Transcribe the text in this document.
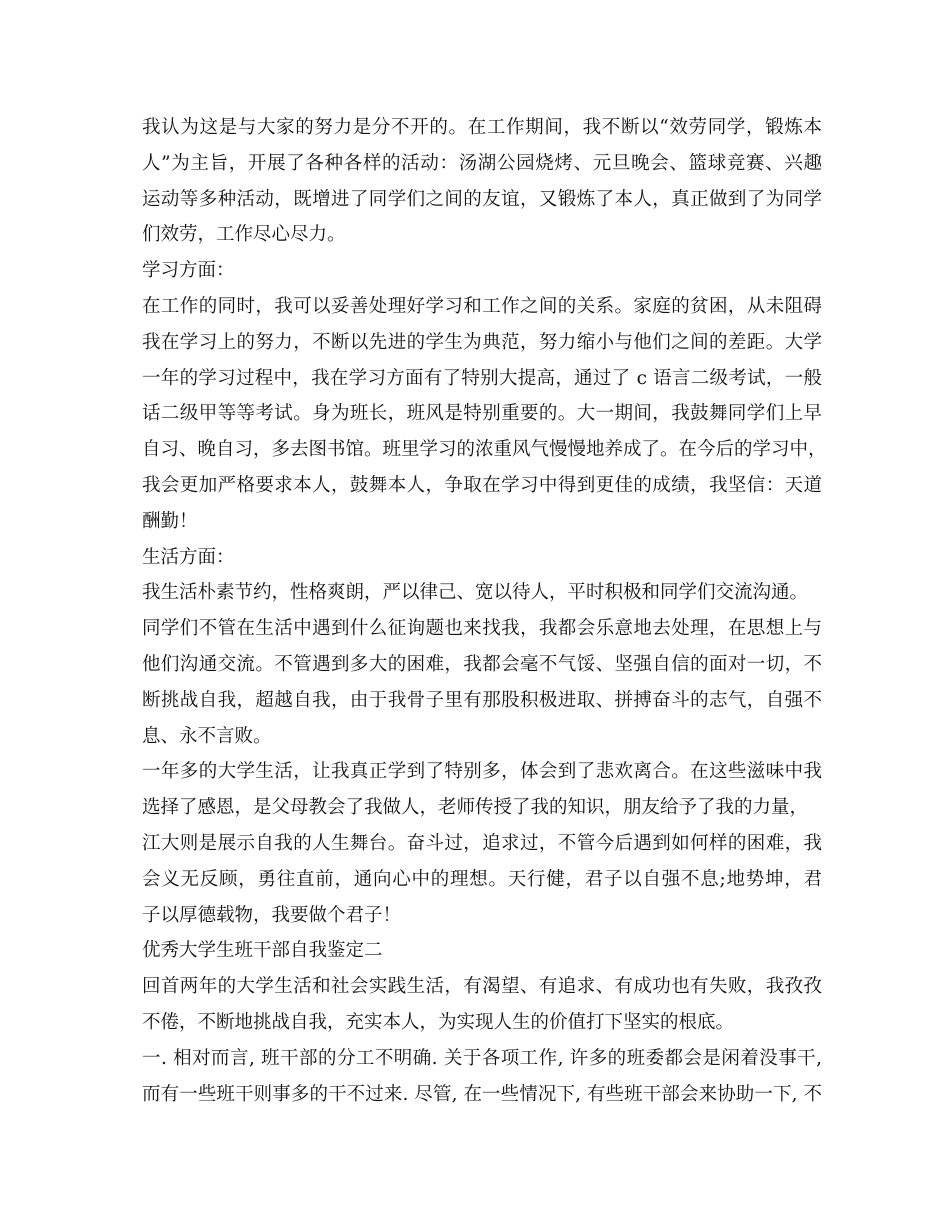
我认为这是与大家的努力是分不开的。在工作期间，我不断以“效劳同学，锻炼本
人”为主旨，开展了各种各样的活动：汤湖公园烧烤、元旦晚会、篮球竞赛、兴趣
运动等多种活动，既增进了同学们之间的友谊，又锻炼了本人，真正做到了为同学
们效劳，工作尽心尽力。
学习方面：
在工作的同时，我可以妥善处理好学习和工作之间的关系。家庭的贫困，从未阻碍
我在学习上的努力，不断以先进的学生为典范，努力缩小与他们之间的差距。大学
一年的学习过程中，我在学习方面有了特别大提高，通过了 c 语言二级考试，一般
话二级甲等等考试。身为班长，班风是特别重要的。大一期间，我鼓舞同学们上早
自习、晚自习，多去图书馆。班里学习的浓重风气慢慢地养成了。在今后的学习中，
我会更加严格要求本人，鼓舞本人，争取在学习中得到更佳的成绩，我坚信：天道
酬勤！
生活方面：
我生活朴素节约，性格爽朗，严以律己、宽以待人，平时积极和同学们交流沟通。
同学们不管在生活中遇到什么征询题也来找我，我都会乐意地去处理，在思想上与
他们沟通交流。不管遇到多大的困难，我都会毫不气馁、坚强自信的面对一切，不
断挑战自我，超越自我，由于我骨子里有那股积极进取、拼搏奋斗的志气，自强不
息、永不言败。
一年多的大学生活，让我真正学到了特别多，体会到了悲欢离合。在这些滋味中我
选择了感恩，是父母教会了我做人，老师传授了我的知识，朋友给予了我的力量，
江大则是展示自我的人生舞台。奋斗过，追求过，不管今后遇到如何样的困难，我
会义无反顾，勇往直前，通向心中的理想。天行健，君子以自强不息;地势坤，君
子以厚德载物，我要做个君子！
优秀大学生班干部自我鉴定二
回首两年的大学生活和社会实践生活，有渴望、有追求、有成功也有失败，我孜孜
不倦，不断地挑战自我，充实本人，为实现人生的价值打下坚实的根底。
一. 相对而言, 班干部的分工不明确. 关于各项工作, 许多的班委都会是闲着没事干,
而有一些班干则事多的干不过来. 尽管, 在一些情况下, 有些班干部会来协助一下, 不
